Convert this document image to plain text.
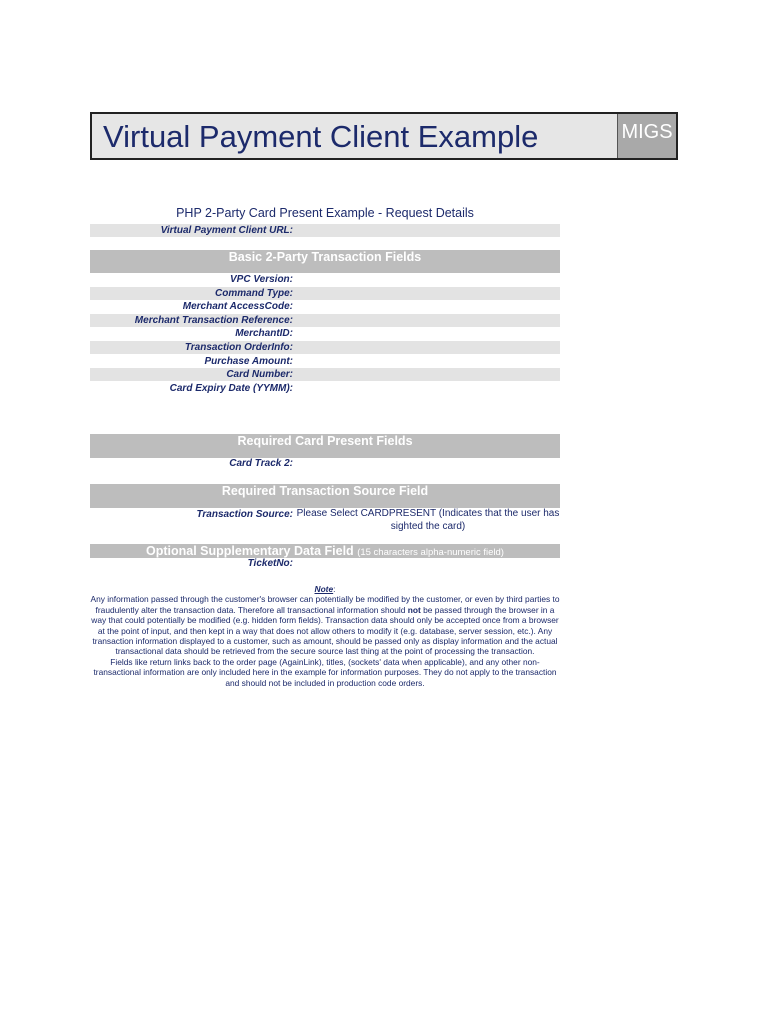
Virtual Payment Client Example	MIGS
PHP 2-Party Card Present Example - Request Details
Virtual Payment Client URL:
Basic 2-Party Transaction Fields
VPC Version:
Command Type:
Merchant AccessCode:
Merchant Transaction Reference:
MerchantID:
Transaction OrderInfo:
Purchase Amount:
Card Number:
Card Expiry Date (YYMM):
Required Card Present Fields
Card Track 2:
Required Transaction Source Field
Transaction Source: Please Select CARDPRESENT (Indicates that the user has sighted the card)
Optional Supplementary Data Field (15 characters alpha-numeric field)
TicketNo:
Note:
Any information passed through the customer's browser can potentially be modified by the customer, or even by third parties to fraudulently alter the transaction data. Therefore all transactional information should not be passed through the browser in a way that could potentially be modified (e.g. hidden form fields). Transaction data should only be accepted once from a browser at the point of input, and then kept in a way that does not allow others to modify it (e.g. database, server session, etc.). Any transaction information displayed to a customer, such as amount, should be passed only as display information and the actual transactional data should be retrieved from the secure source last thing at the point of processing the transaction.
Fields like return links back to the order page (AgainLink), titles, (sockets' data when applicable), and any other non-transactional information are only included here in the example for information purposes. They do not apply to the transaction and should not be included in production code orders.
